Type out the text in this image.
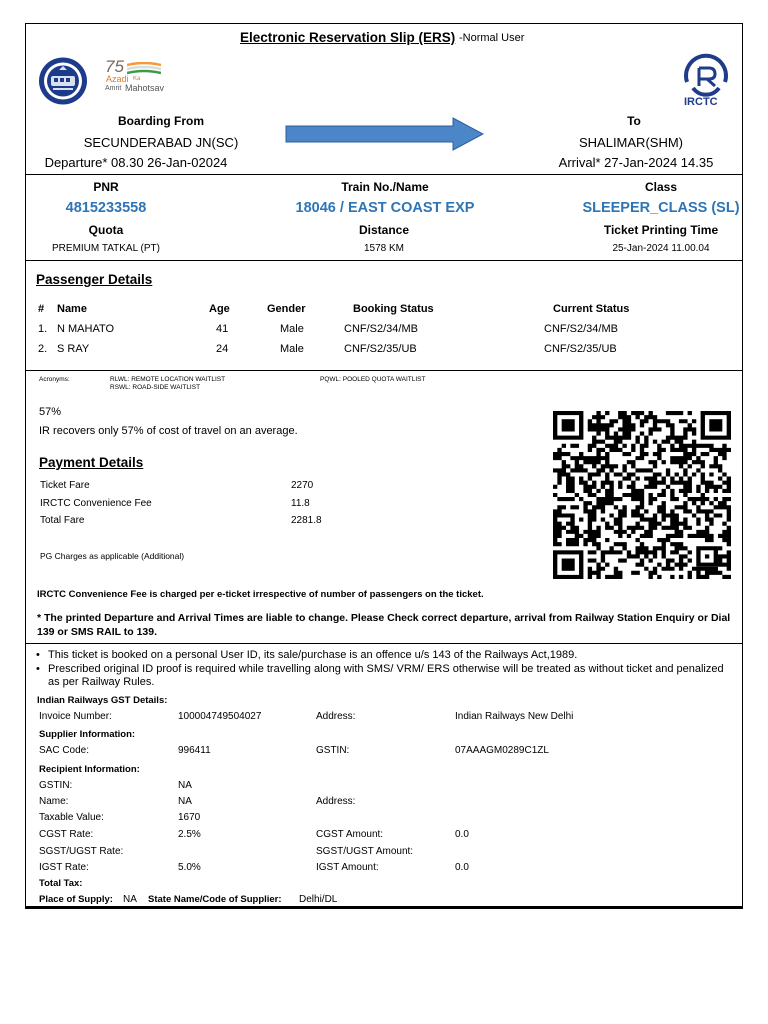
Electronic Reservation Slip (ERS) -Normal User
75
Azadi Ka
Amrit Mahotsav
IRCTC
Boarding From
SECUNDERABAD JN(SC)
Departure* 08.30 26-Jan-02024
To
SHALIMAR(SHM)
Arrival* 27-Jan-2024 14.35
PNR
4815233558
Train No./Name
18046 / EAST COAST EXP
Class
SLEEPER_CLASS (SL)
Quota
PREMIUM TATKAL (PT)
Distance
1578 KM
Ticket Printing Time
25-Jan-2024 11.00.04
Passenger Details
# Name	Age	Gender	Booking Status	Current Status
1. N MAHATO	41	Male	CNF/S2/34/MB	CNF/S2/34/MB
2. S RAY	24	Male	CNF/S2/35/UB	CNF/S2/35/UB
Acronyms:	RLWL: REMOTE LOCATION WAITLIST
RSWL: ROAD-SIDE WAITLIST
PQWL: POOLED QUOTA WAITLIST
57%
IR recovers only 57% of cost of travel on an average.
Payment Details
Ticket Fare	2270
IRCTC Convenience Fee	11.8
Total Fare	2281.8
PG Charges as applicable (Additional)
IRCTC Convenience Fee is charged per e-ticket irrespective of number of passengers on the ticket.
* The printed Departure and Arrival Times are liable to change. Please Check correct departure, arrival from Railway Station Enquiry or Dial 139 or SMS RAIL to 139.
• This ticket is booked on a personal User ID, its sale/purchase is an offence u/s 143 of the Railways Act,1989.
• Prescribed original ID proof is required while travelling along with SMS/ VRM/ ERS otherwise will be treated as without ticket and penalized as per Railway Rules.
Indian Railways GST Details:
Invoice Number:	100004749504027	Address:	Indian Railways New Delhi
Supplier Information:
SAC Code:	996411	GSTIN:	07AAAGM0289C1ZL
Recipient Information:
GSTIN:	NA
Name:	NA	Address:
Taxable Value:	1670
CGST Rate:	2.5%	CGST Amount:	0.0
SGST/UGST Rate:	SGST/UGST Amount:
IGST Rate:	5.0%	IGST Amount:	0.0
Total Tax:
Place of Supply: NA State Name/Code of Supplier: Delhi/DL
